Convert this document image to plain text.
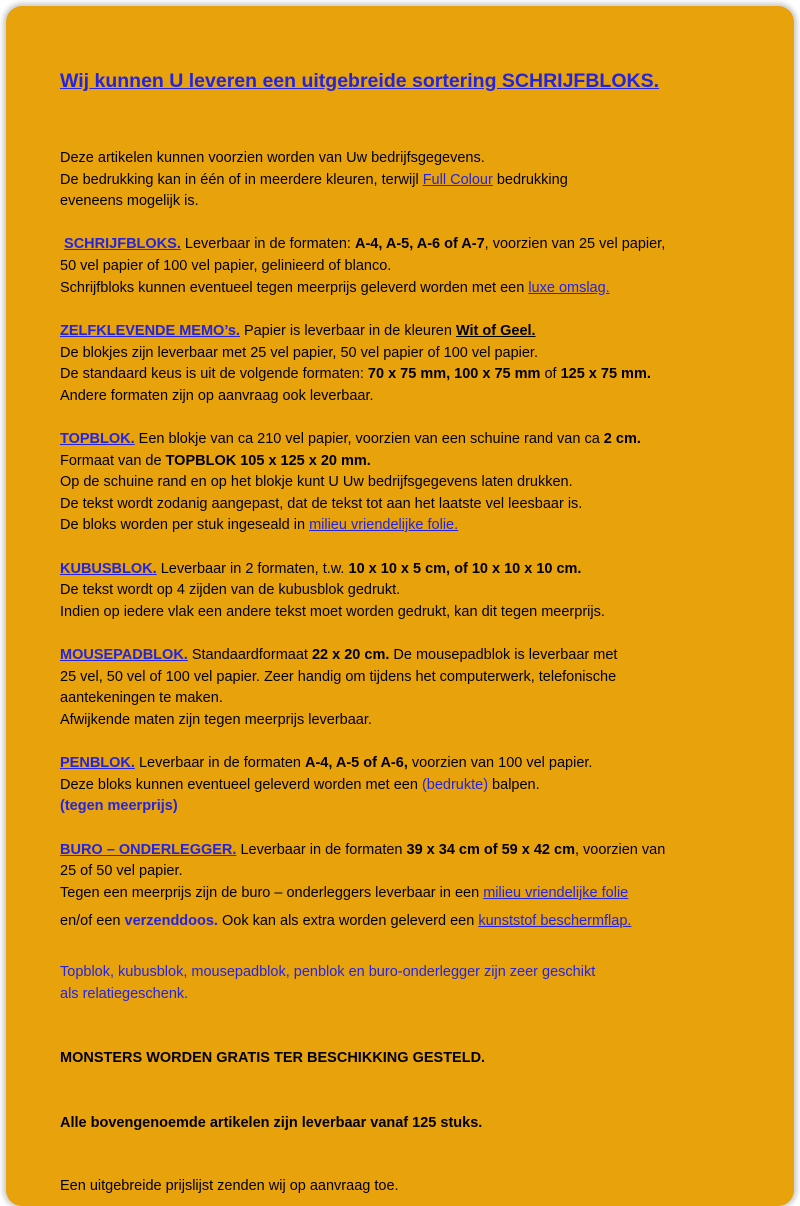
Wij kunnen U leveren een uitgebreide sortering SCHRIJFBLOKS.
Deze artikelen kunnen voorzien worden van Uw bedrijfsgegevens.
De bedrukking kan in één of in meerdere kleuren, terwijl Full Colour bedrukking
eveneens mogelijk is.
SCHRIJFBLOKS. Leverbaar in de formaten: A-4, A-5, A-6 of A-7, voorzien van 25 vel papier,
50 vel papier of 100 vel papier, gelinieerd of blanco.
Schrijfbloks kunnen eventueel tegen meerprijs geleverd worden met een luxe omslag.
ZELFKLEVENDE MEMO’s. Papier is leverbaar in de kleuren Wit of Geel.
De blokjes zijn leverbaar met 25 vel papier, 50 vel papier of 100 vel papier.
De standaard keus is uit de volgende formaten: 70 x 75 mm, 100 x 75 mm of 125 x 75 mm.
Andere formaten zijn op aanvraag ook leverbaar.
TOPBLOK. Een blokje van ca 210 vel papier, voorzien van een schuine rand van ca 2 cm.
Formaat van de TOPBLOK 105 x 125 x 20 mm.
Op de schuine rand en op het blokje kunt U Uw bedrijfsgegevens laten drukken.
De tekst wordt zodanig aangepast, dat de tekst tot aan het laatste vel leesbaar is.
De bloks worden per stuk ingeseald in milieu vriendelijke folie.
KUBUSBLOK. Leverbaar in 2 formaten, t.w. 10 x 10 x 5 cm, of 10 x 10 x 10 cm.
De tekst wordt op 4 zijden van de kubusblok gedrukt.
Indien op iedere vlak een andere tekst moet worden gedrukt, kan dit tegen meerprijs.
MOUSEPADBLOK. Standaardformaat 22 x 20 cm. De mousepadblok is leverbaar met
25 vel, 50 vel of 100 vel papier. Zeer handig om tijdens het computerwerk, telefonische
aantekeningen te maken.
Afwijkende maten zijn tegen meerprijs leverbaar.
PENBLOK. Leverbaar in de formaten A-4, A-5 of A-6, voorzien van 100 vel papier.
Deze bloks kunnen eventueel geleverd worden met een (bedrukte) balpen.
(tegen meerprijs)
BURO – ONDERLEGGER. Leverbaar in de formaten 39 x 34 cm of 59 x 42 cm, voorzien van
25 of 50 vel papier.
Tegen een meerprijs zijn de buro – onderleggers leverbaar in een milieu vriendelijke folie
en/of een verzenddoos. Ook kan als extra worden geleverd een kunststof beschermflap.
Topblok, kubusblok, mousepadblok, penblok en buro-onderlegger zijn zeer geschikt
als relatiegeschenk.
MONSTERS WORDEN GRATIS TER BESCHIKKING GESTELD.
Alle bovengenoemde artikelen zijn leverbaar vanaf 125 stuks.
Een uitgebreide prijslijst zenden wij op aanvraag toe.
